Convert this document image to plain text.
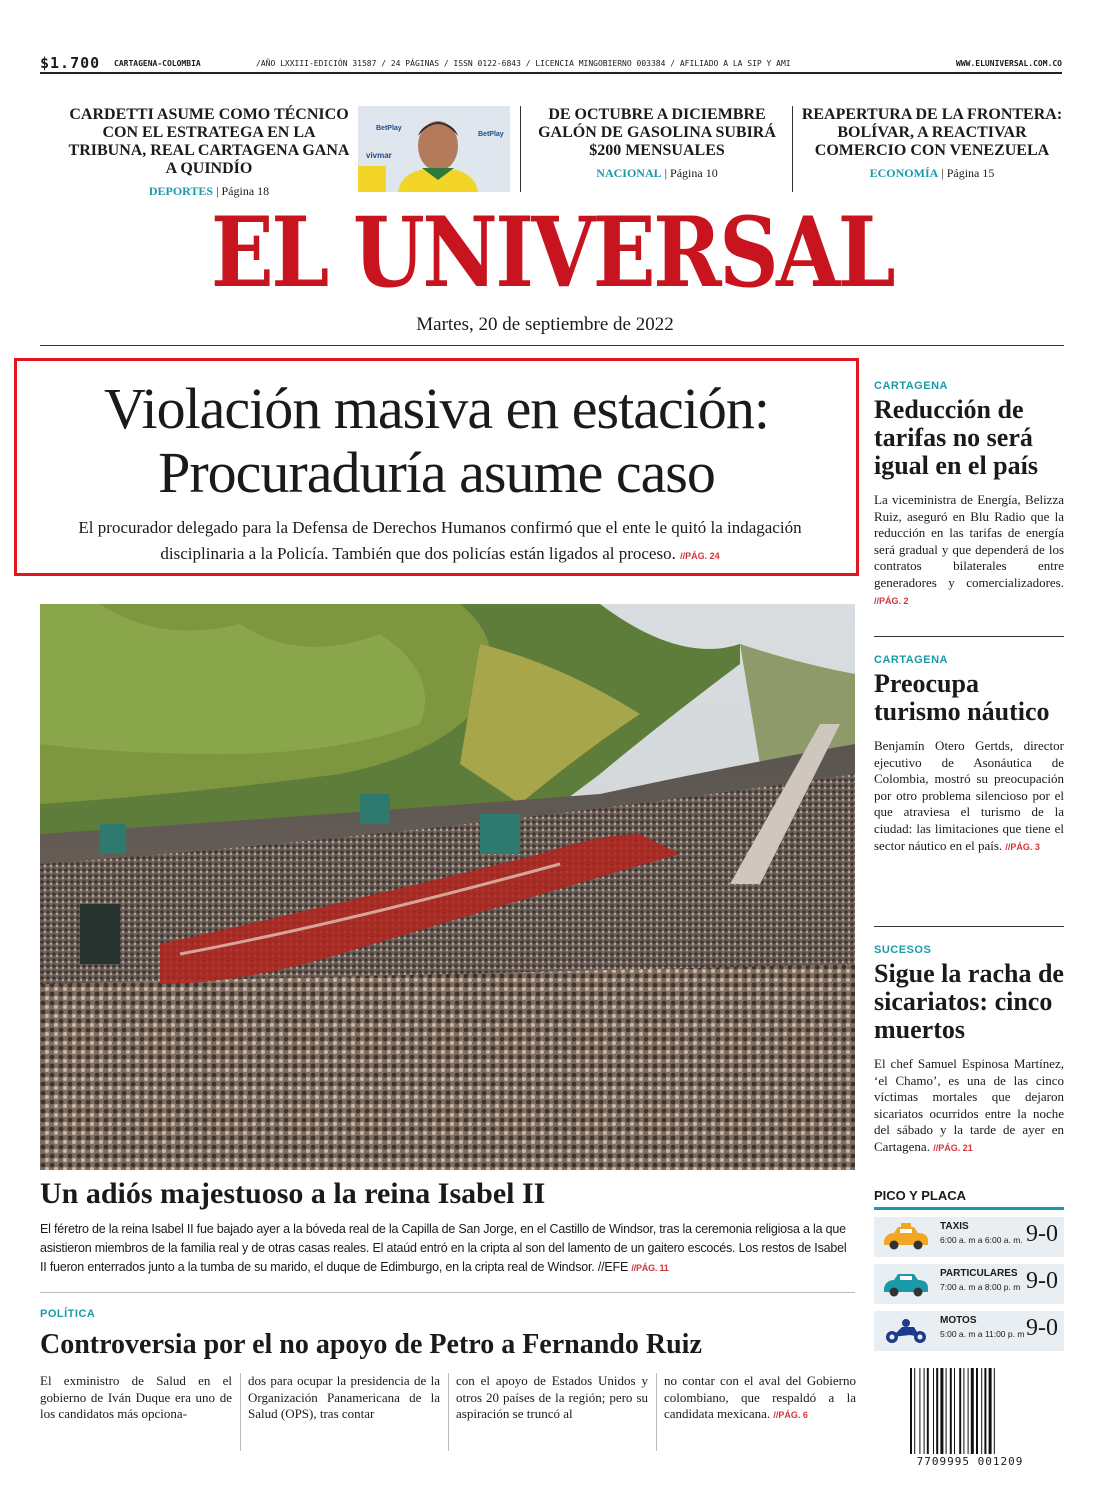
$1.700 CARTAGENA-COLOMBIA	/AÑO LXXIII-EDICIÓN 31587 / 24 PÁGINAS / ISSN 0122-6843 / LICENCIA MINGOBIERNO 003384 / AFILIADO A LA SIP Y AMI	WWW.ELUNIVERSAL.COM.CO
CARDETTI ASUME COMO TÉCNICO CON EL ESTRATEGA EN LA TRIBUNA, REAL CARTAGENA GANA A QUINDÍO
DEPORTES | Página 18
BetPlay
vivmar
BetPlay
DE OCTUBRE A DICIEMBRE GALÓN DE GASOLINA SUBIRÁ $200 MENSUALES
NACIONAL | Página 10
REAPERTURA DE LA FRONTERA: BOLÍVAR, A REACTIVAR COMERCIO CON VENEZUELA
ECONOMÍA | Página 15
EL UNIVERSAL
Martes, 20 de septiembre de 2022
Violación masiva en estación:
Procuraduría asume caso
El procurador delegado para la Defensa de Derechos Humanos confirmó que el ente le quitó la indagación disciplinaria a la Policía. También que dos policías están ligados al proceso. //PÁG. 24
CARTAGENA
Reducción de tarifas no será igual en el país

La viceministra de Energía, Belizza Ruiz, aseguró en Blu Radio que la reducción en las tarifas de energía será gradual y que dependerá de los contratos bilaterales entre generadores y comercializadores. //PÁG. 2

CARTAGENA
Preocupa turismo náutico

Benjamín Otero Gertds, director ejecutivo de Asonáutica de Colombia, mostró su preocupación por otro problema silencioso por el que atraviesa el turismo de la ciudad: las limitaciones que tiene el sector náutico en el país. //PÁG. 3

SUCESOS
Sigue la racha de sicariatos: cinco muertos

El chef Samuel Espinosa Martínez, ‘el Chamo’, es una de las cinco víctimas mortales que dejaron sicariatos ocurridos entre la noche del sábado y la tarde de ayer en Cartagena. //PÁG. 21

Un adiós majestuoso a la reina Isabel II
El féretro de la reina Isabel II fue bajado ayer a la bóveda real de la Capilla de San Jorge, en el Castillo de Windsor, tras la ceremonia religiosa a la que asistieron miembros de la familia real y de otras casas reales. El ataúd entró en la cripta al son del lamento de un gaitero escocés. Los restos de Isabel II fueron enterrados junto a la tumba de su marido, el duque de Edimburgo, en la cripta real de Windsor. //EFE //PÁG. 11
POLÍTICA
Controversia por el no apoyo de Petro a Fernando Ruiz
El exministro de Salud en el gobierno de Iván Duque era uno de los candidatos más opciona-
dos para ocupar la presidencia de la Organización Panamericana de la Salud (OPS), tras contar
con el apoyo de Estados Unidos y otros 20 países de la región; pero su aspiración se truncó al
no contar con el aval del Gobierno colombiano, que respaldó a la candidata mexicana. //PÁG. 6
PICO Y PLACA
TAXIS
6:00 a. m a 6:00 a. m. 9-0
PARTICULARES
7:00 a. m a 8:00 p. m 9-0
MOTOS
5:00 a. m a 11:00 p. m 9-0
7709995 001209
